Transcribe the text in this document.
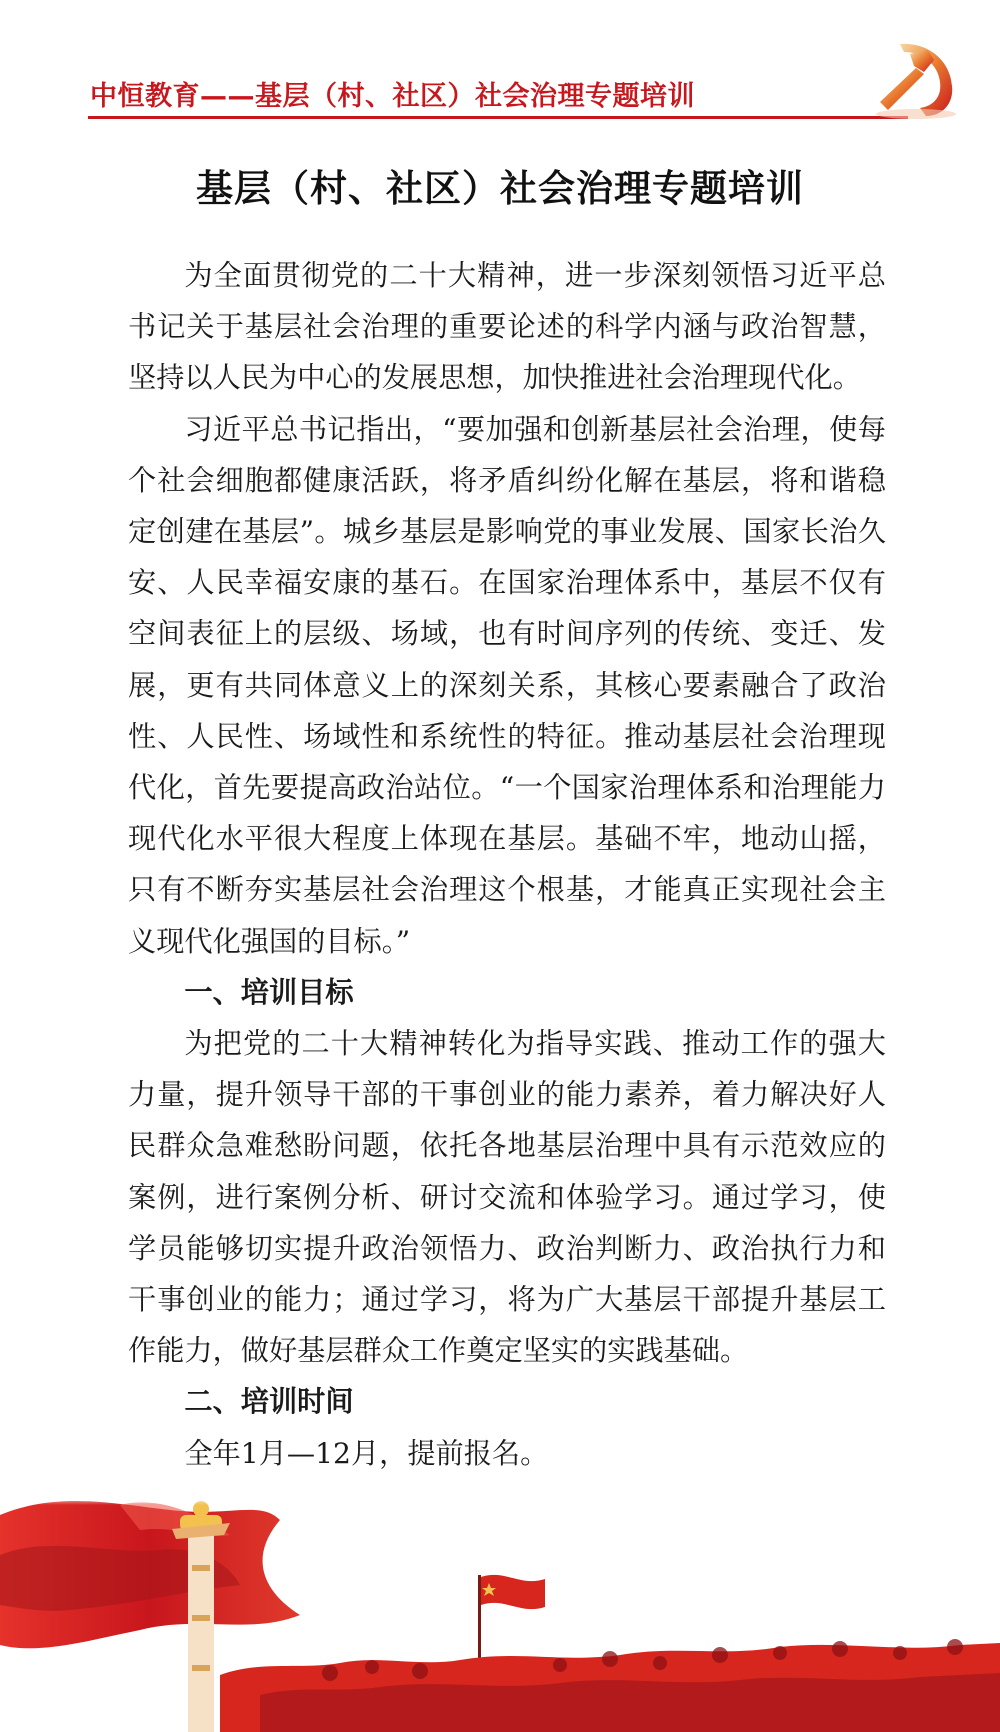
中恒教育——基层（村、社区）社会治理专题培训
基层（村、社区）社会治理专题培训

为全面贯彻党的二十大精神，进一步深刻领悟习近平总书记关于基层社会治理的重要论述的科学内涵与政治智慧，坚持以人民为中心的发展思想，加快推进社会治理现代化。

习近平总书记指出，“要加强和创新基层社会治理，使每个社会细胞都健康活跃，将矛盾纠纷化解在基层，将和谐稳定创建在基层”。城乡基层是影响党的事业发展、国家长治久安、人民幸福安康的基石。在国家治理体系中，基层不仅有空间表征上的层级、场域，也有时间序列的传统、变迁、发展，更有共同体意义上的深刻关系，其核心要素融合了政治性、人民性、场域性和系统性的特征。推动基层社会治理现代化，首先要提高政治站位。“一个国家治理体系和治理能力现代化水平很大程度上体现在基层。基础不牢，地动山摇，只有不断夯实基层社会治理这个根基，才能真正实现社会主义现代化强国的目标。”

一、培训目标

为把党的二十大精神转化为指导实践、推动工作的强大力量，提升领导干部的干事创业的能力素养，着力解决好人民群众急难愁盼问题，依托各地基层治理中具有示范效应的案例，进行案例分析、研讨交流和体验学习。通过学习，使学员能够切实提升政治领悟力、政治判断力、政治执行力和干事创业的能力；通过学习，将为广大基层干部提升基层工作能力，做好基层群众工作奠定坚实的实践基础。

二、培训时间

全年1月—12月，提前报名。
